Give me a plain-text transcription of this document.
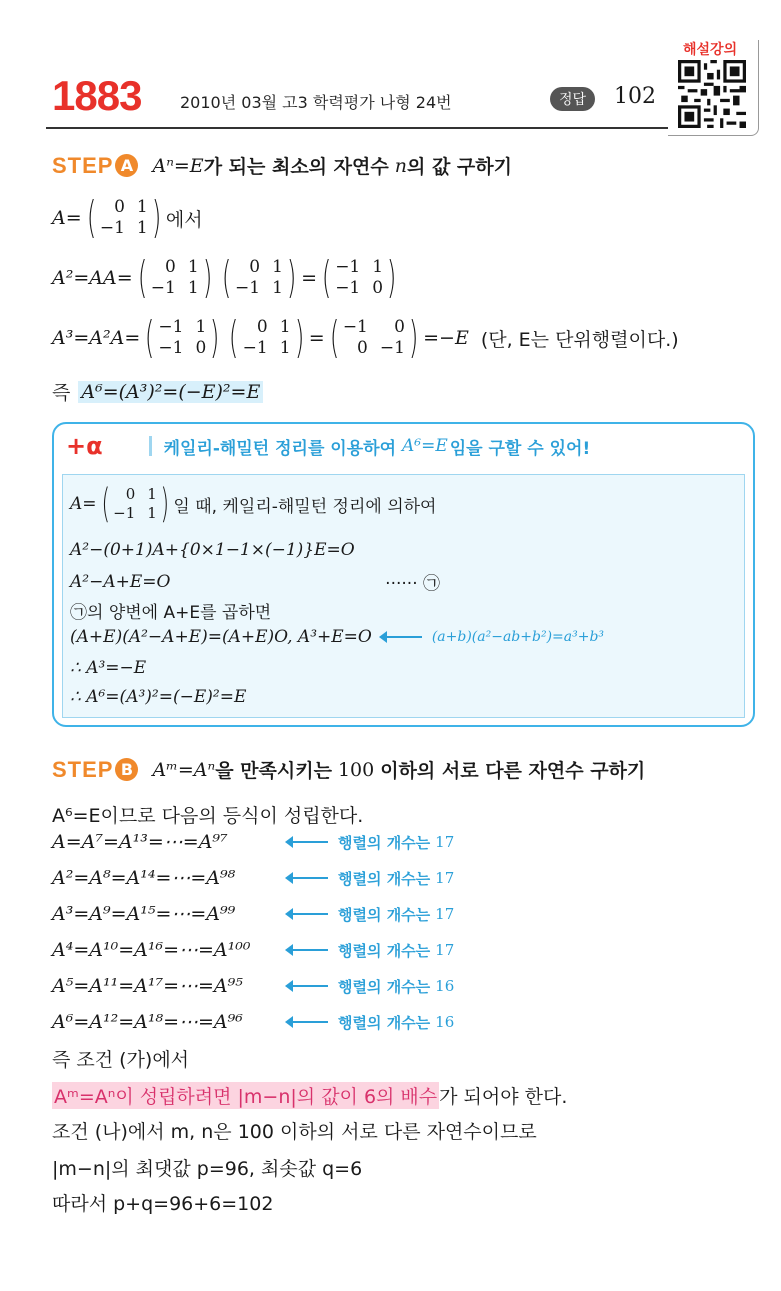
1883 2010년 03월 고3 학력평가 나형 24번	정답	102
해설강의
STEP A Aⁿ=E 가 되는 최소의 자연수 n 의 값 구하기
A= (	0 1
−1 1 ) 에서
A²=AA= (	0 1
−1 1 ) (	0 1
−1 1 ) = ( −1 1
−1 0 )
A³=A²A= ( −1 1
−1 0 ) (	0 1
−1 1 ) = ( −1	0
0 −1 ) =−E (단, E는 단위행렬이다.)
즉 A⁶=(A³)²=(−E)²=E
+α	케일리-해밀턴 정리를 이용하여 A⁶=E 임을 구할 수 있어!
A= (	0 1
−1 1 ) 일 때, 케일리-해밀턴 정리에 의하여
A²−(0+1)A+{0×1−1×(−1)}E=O
A²−A+E=O	······ ㉠
㉠의 양변에 A+E를 곱하면
(A+E)(A²−A+E)=(A+E)O, A³+E=O	(a+b)(a²−ab+b²)=a³+b³
∴ A³=−E
∴ A⁶=(A³)²=(−E)²=E
STEP B Aᵐ=Aⁿ 을 만족시키는 100 이하의 서로 다른 자연수 구하기
A⁶=E이므로 다음의 등식이 성립한다.
A=A⁷=A¹³=⋯=A⁹⁷	행렬의 개수는 17
A²=A⁸=A¹⁴=⋯=A⁹⁸	행렬의 개수는 17
A³=A⁹=A¹⁵=⋯=A⁹⁹	행렬의 개수는 17
A⁴=A¹⁰=A¹⁶=⋯=A¹⁰⁰	행렬의 개수는 17
A⁵=A¹¹=A¹⁷=⋯=A⁹⁵	행렬의 개수는 16
A⁶=A¹²=A¹⁸=⋯=A⁹⁶	행렬의 개수는 16
즉 조건 (가)에서
Aᵐ=Aⁿ이 성립하려면 |m−n|의 값이 6의 배수 가 되어야 한다.
조건 (나)에서 m, n은 100 이하의 서로 다른 자연수이므로
|m−n|의 최댓값 p=96, 최솟값 q=6
따라서 p+q=96+6=102
